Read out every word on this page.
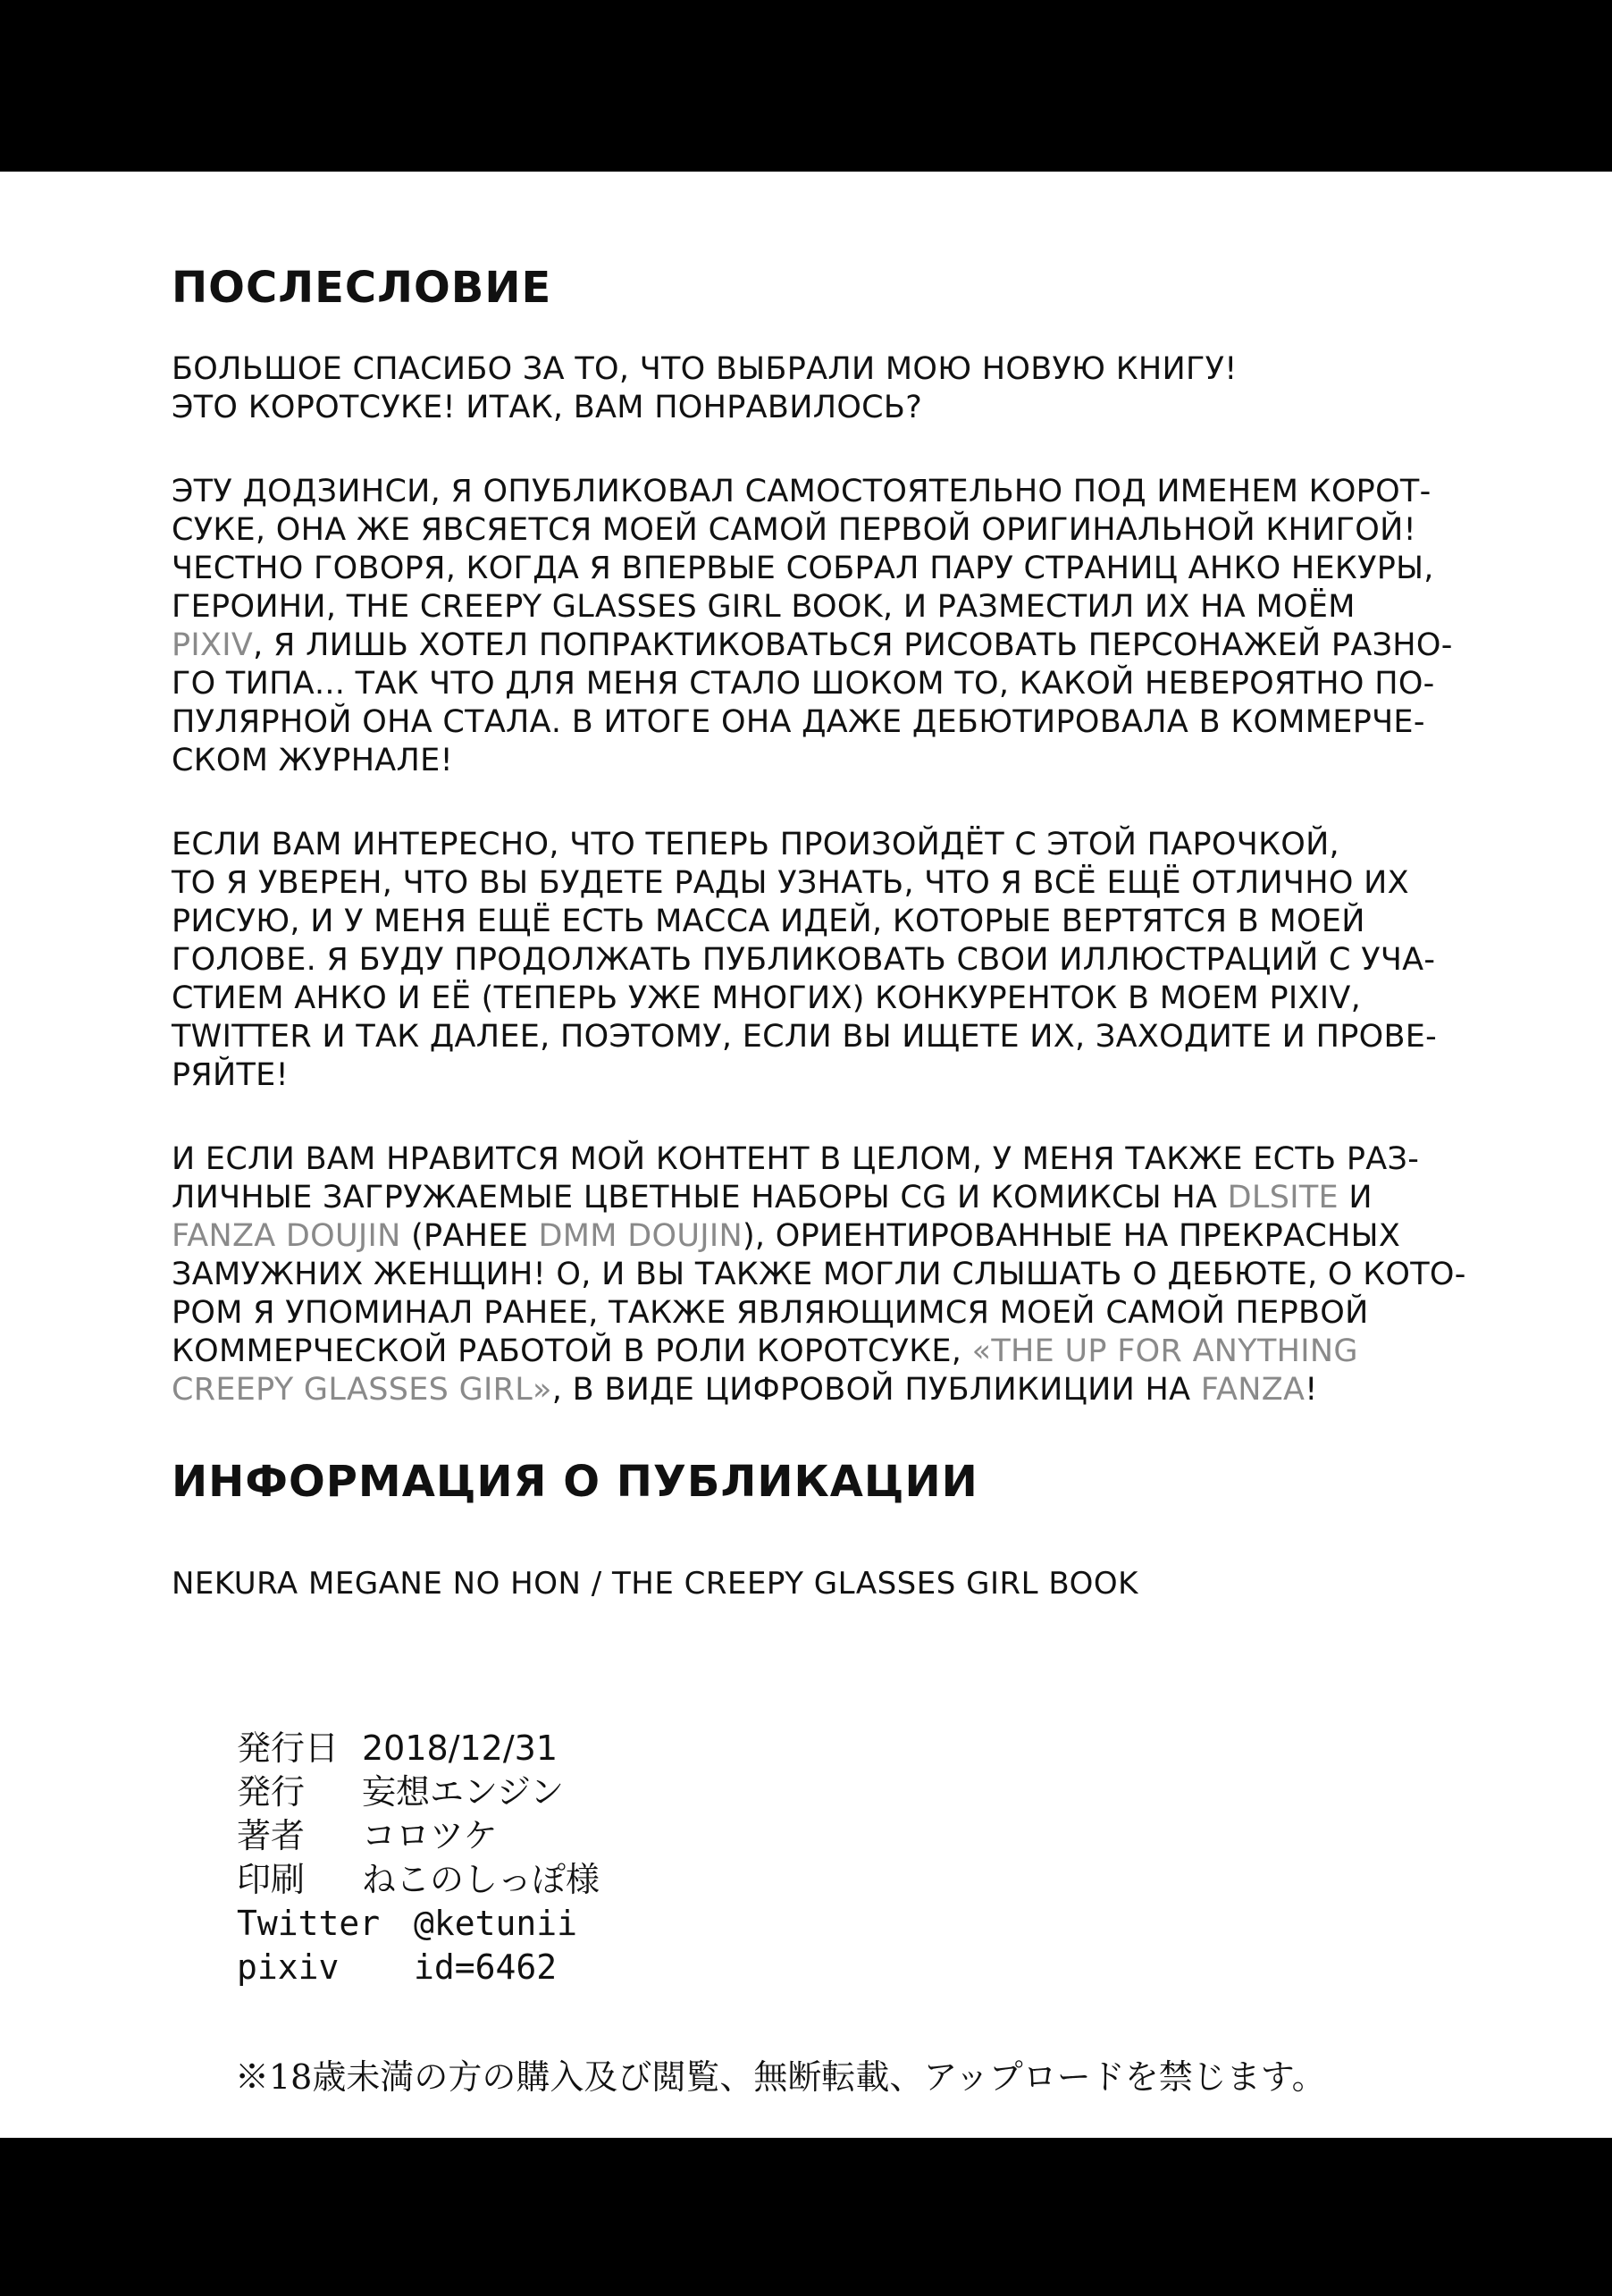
ПОСЛЕСЛОВИЕ

БОЛЬШОЕ СПАСИБО ЗА ТО, ЧТО ВЫБРАЛИ МОЮ НОВУЮ КНИГУ!
ЭТО КОРОТСУКЕ! ИТАК, ВАМ ПОНРАВИЛОСЬ?

ЭТУ ДОДЗИНСИ, Я ОПУБЛИКОВАЛ САМОСТОЯТЕЛЬНО ПОД ИМЕНЕМ КОРОТ-
СУКЕ, ОНА ЖЕ ЯВСЯЕТСЯ МОЕЙ САМОЙ ПЕРВОЙ ОРИГИНАЛЬНОЙ КНИГОЙ!
ЧЕСТНО ГОВОРЯ, КОГДА Я ВПЕРВЫЕ СОБРАЛ ПАРУ СТРАНИЦ АНКО НЕКУРЫ,
ГЕРОИНИ, THE CREEPY GLASSES GIRL BOOK, И РАЗМЕСТИЛ ИХ НА МОЁМ
PIXIV, Я ЛИШЬ ХОТЕЛ ПОПРАКТИКОВАТЬСЯ РИСОВАТЬ ПЕРСОНАЖЕЙ РАЗНО-
ГО ТИПА... ТАК ЧТО ДЛЯ МЕНЯ СТАЛО ШОКОМ ТО, КАКОЙ НЕВЕРОЯТНО ПО-
ПУЛЯРНОЙ ОНА СТАЛА. В ИТОГЕ ОНА ДАЖЕ ДЕБЮТИРОВАЛА В КОММЕРЧЕ-
СКОМ ЖУРНАЛЕ!

ЕСЛИ ВАМ ИНТЕРЕСНО, ЧТО ТЕПЕРЬ ПРОИЗОЙДЁТ С ЭТОЙ ПАРОЧКОЙ,
ТО Я УВЕРЕН, ЧТО ВЫ БУДЕТЕ РАДЫ УЗНАТЬ, ЧТО Я ВСЁ ЕЩЁ ОТЛИЧНО ИХ
РИСУЮ, И У МЕНЯ ЕЩЁ ЕСТЬ МАССА ИДЕЙ, КОТОРЫЕ ВЕРТЯТСЯ В МОЕЙ
ГОЛОВЕ. Я БУДУ ПРОДОЛЖАТЬ ПУБЛИКОВАТЬ СВОИ ИЛЛЮСТРАЦИЙ С УЧА-
СТИЕМ АНКО И ЕЁ (ТЕПЕРЬ УЖЕ МНОГИХ) КОНКУРЕНТОК В МОЕМ PIXIV,
TWITTER И ТАК ДАЛЕЕ, ПОЭТОМУ, ЕСЛИ ВЫ ИЩЕТЕ ИХ, ЗАХОДИТЕ И ПРОВЕ-
РЯЙТЕ!

И ЕСЛИ ВАМ НРАВИТСЯ МОЙ КОНТЕНТ В ЦЕЛОМ, У МЕНЯ ТАКЖЕ ЕСТЬ РАЗ-
ЛИЧНЫЕ ЗАГРУЖАЕМЫЕ ЦВЕТНЫЕ НАБОРЫ CG И КОМИКСЫ НА DLSITE И
FANZA DOUJIN (РАНЕЕ DMM DOUJIN), ОРИЕНТИРОВАННЫЕ НА ПРЕКРАСНЫХ
ЗАМУЖНИХ ЖЕНЩИН! О, И ВЫ ТАКЖЕ МОГЛИ СЛЫШАТЬ О ДЕБЮТЕ, О КОТО-
РОМ Я УПОМИНАЛ РАНЕЕ, ТАКЖЕ ЯВЛЯЮЩИМСЯ МОЕЙ САМОЙ ПЕРВОЙ
КОММЕРЧЕСКОЙ РАБОТОЙ В РОЛИ КОРОТСУКЕ, «THE UP FOR ANYTHING
CREEPY GLASSES GIRL», В ВИДЕ ЦИФРОВОЙ ПУБЛИКИЦИИ НА FANZA!

ИНФОРМАЦИЯ О ПУБЛИКАЦИИ

NEKURA MEGANE NO HON / THE CREEPY GLASSES GIRL BOOK

発行日 2018/12/31
発行	妄想エンジン
著者	コロツケ
印刷	ねこのしっぽ様
Twitter @ketunii
pixiv	id=6462
※18歳未満の方の購入及び閲覧、無断転載、アップロードを禁じます。
